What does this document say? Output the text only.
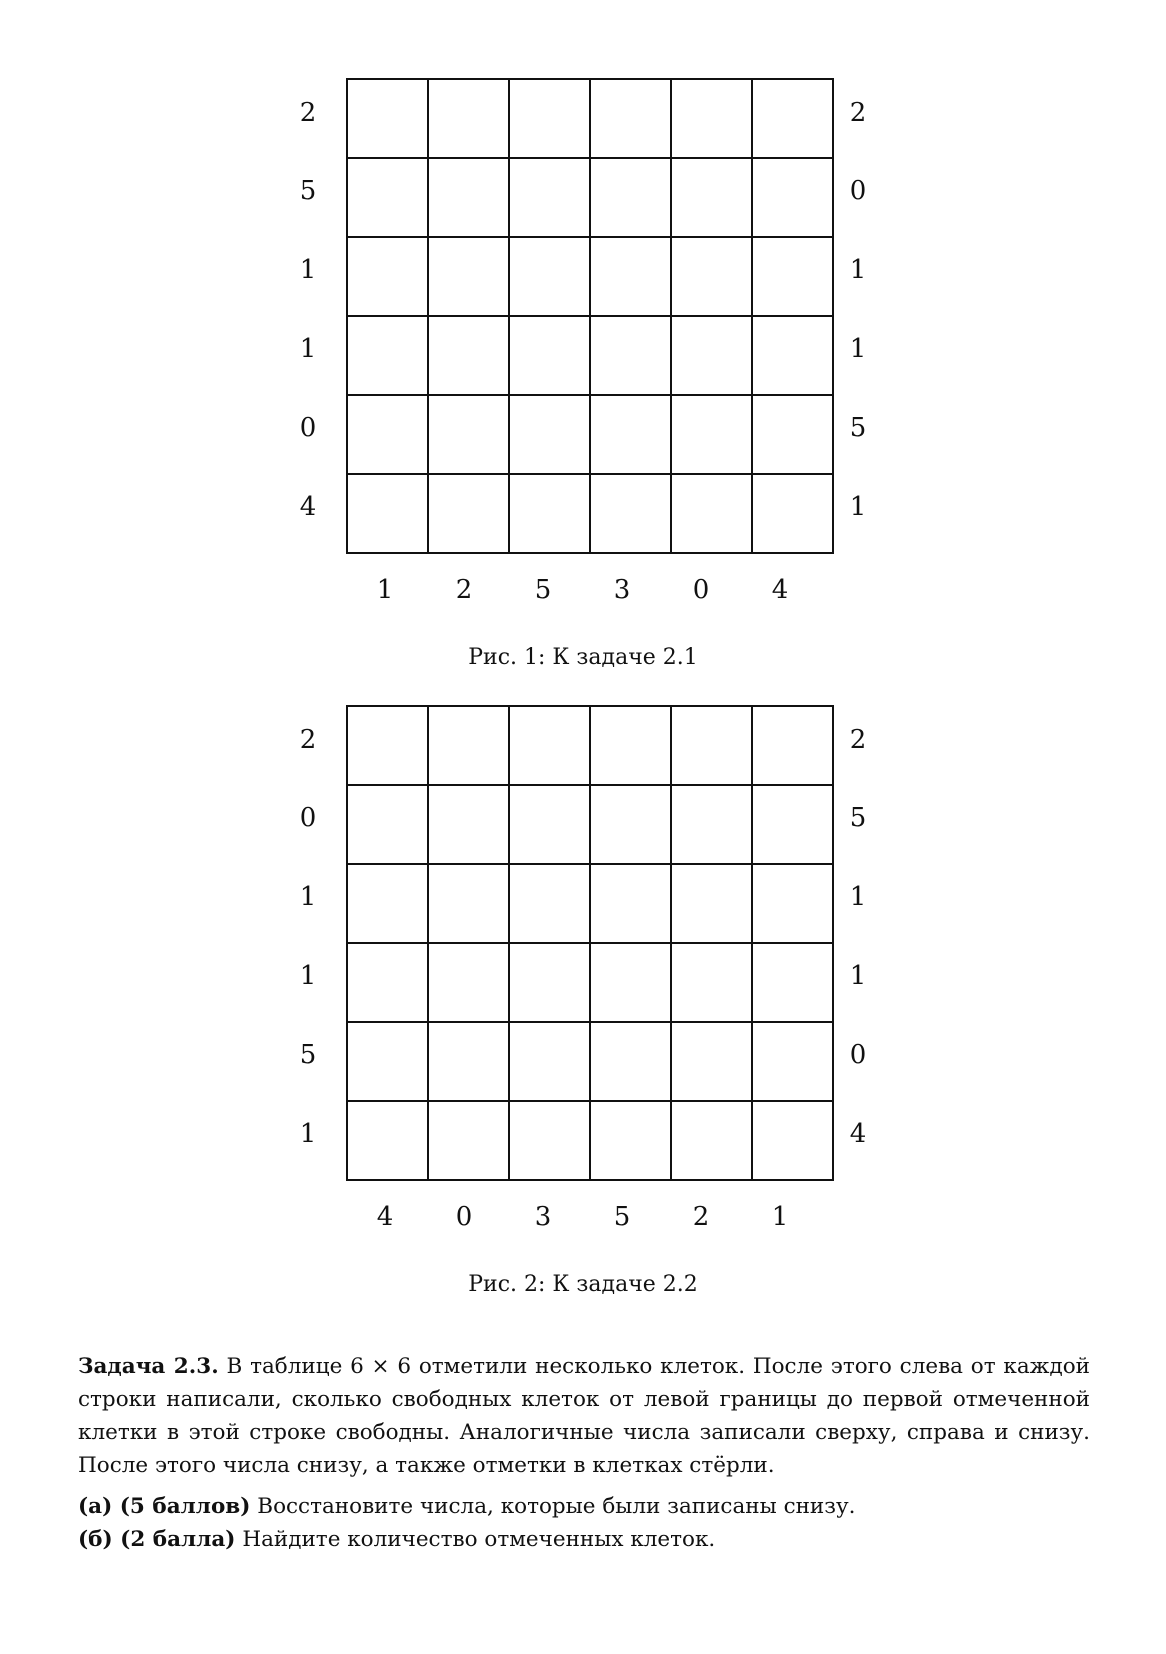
2
5
1
1
0
4

2
0
1
1
5
1
1	2	5	3	0	4
Рис. 1: К задаче 2.1
2
0
1
1
5
1

2
5
1
1
0
4
4	0	3	5	2	1
Рис. 2: К задаче 2.2
Задача 2.3. В таблице 6 × 6 отметили несколько клеток. После этого слева от каждой строки написали, сколько свободных клеток от левой границы до первой отмеченной клетки в этой строке свободны. Аналогичные числа записали сверху, справа и снизу. После этого числа снизу, а также отметки в клетках стёрли.
(а) (5 баллов) Восстановите числа, которые были записаны снизу.
(б) (2 балла) Найдите количество отмеченных клеток.
